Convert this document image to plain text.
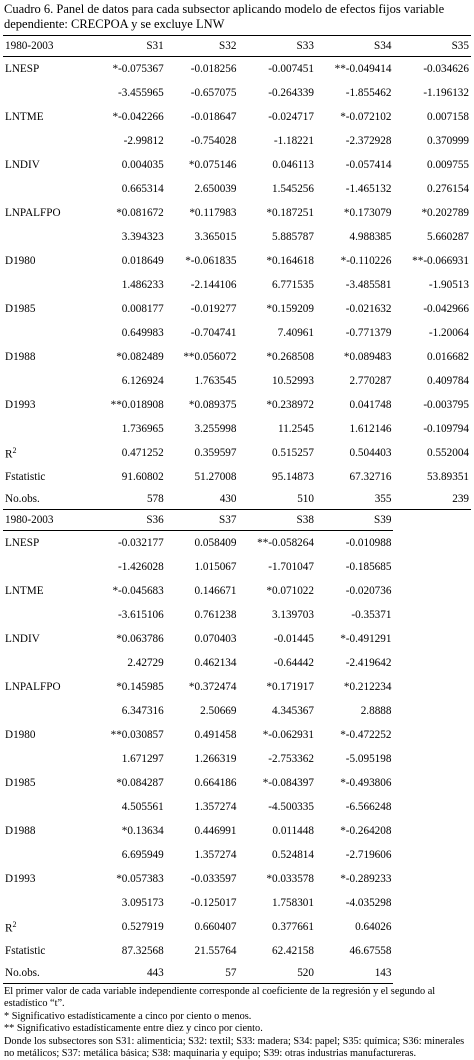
Cuadro 6. Panel de datos para cada subsector aplicando modelo de efectos fijos variable dependiente: CRECPOA y se excluye LNW
1980-2003	S31	S32	S33	S34	S35
LNESP	*-0.075367	-0.018256	-0.007451	**-0.049414	-0.034626
	-3.455965	-0.657075	-0.264339	-1.855462	-1.196132
LNTME	*-0.042266	-0.018647	-0.024717	*-0.072102	0.007158
	-2.99812	-0.754028	-1.18221	-2.372928	0.370999
LNDIV	0.004035	*0.075146	0.046113	-0.057414	0.009755
	0.665314	2.650039	1.545256	-1.465132	0.276154
LNPALFPO	*0.081672	*0.117983	*0.187251	*0.173079	*0.202789
	3.394323	3.365015	5.885787	4.988385	5.660287
D1980	0.018649	*-0.061835	*0.164618	*-0.110226	**-0.066931
	1.486233	-2.144106	6.771535	-3.485581	-1.90513
D1985	0.008177	-0.019277	*0.159209	-0.021632	-0.042966
	0.649983	-0.704741	7.40961	-0.771379	-1.20064
D1988	*0.082489	**0.056072	*0.268508	*0.089483	0.016682
	6.126924	1.763545	10.52993	2.770287	0.409784
D1993	**0.018908	*0.089375	*0.238972	0.041748	-0.003795
	1.736965	3.255998	11.2545	1.612146	-0.109794
$R^2$	0.471252	0.359597	0.515257	0.504403	0.552004
Fstatistic	91.60802	51.27008	95.14873	67.32716	53.89351
No.obs.	578	430	510	355	239
1980-2003	S36	S37	S38	S39	
LNESP	-0.032177	0.058409	**-0.058264	-0.010988	
	-1.426028	1.015067	-1.701047	-0.185685	
LNTME	*-0.045683	0.146671	*0.071022	-0.020736	
	-3.615106	0.761238	3.139703	-0.35371	
LNDIV	*0.063786	0.070403	-0.01445	*-0.491291	
	2.42729	0.462134	-0.64442	-2.419642	
LNPALFPO	*0.145985	*0.372474	*0.171917	*0.212234	
	6.347316	2.50669	4.345367	2.8888	
D1980	**0.030857	0.491458	*-0.062931	*-0.472252	
	1.671297	1.266319	-2.753362	-5.095198	
D1985	*0.084287	0.664186	*-0.084397	*-0.493806	
	4.505561	1.357274	-4.500335	-6.566248	
D1988	*0.13634	0.446991	0.011448	*-0.264208	
	6.695949	1.357274	0.524814	-2.719606	
D1993	*0.057383	-0.033597	*0.033578	*-0.289233	
	3.095173	-0.125017	1.758301	-4.035298	
$R^2$	0.527919	0.660407	0.377661	0.64026	
Fstatistic	87.32568	21.55764	62.42158	46.67558	
No.obs.	443	57	520	143	
El primer valor de cada variable independiente corresponde al coeficiente de la regresión y el segundo al estadístico “t”.
* Significativo estadísticamente a cinco por ciento o menos.
** Significativo estadísticamente entre diez y cinco por ciento.
Donde los subsectores son S31: alimenticia; S32: textil; S33: madera; S34: papel; S35: química; S36: minerales no metálicos; S37: metálica básica; S38: maquinaria y equipo; S39: otras industrias manufactureras.
